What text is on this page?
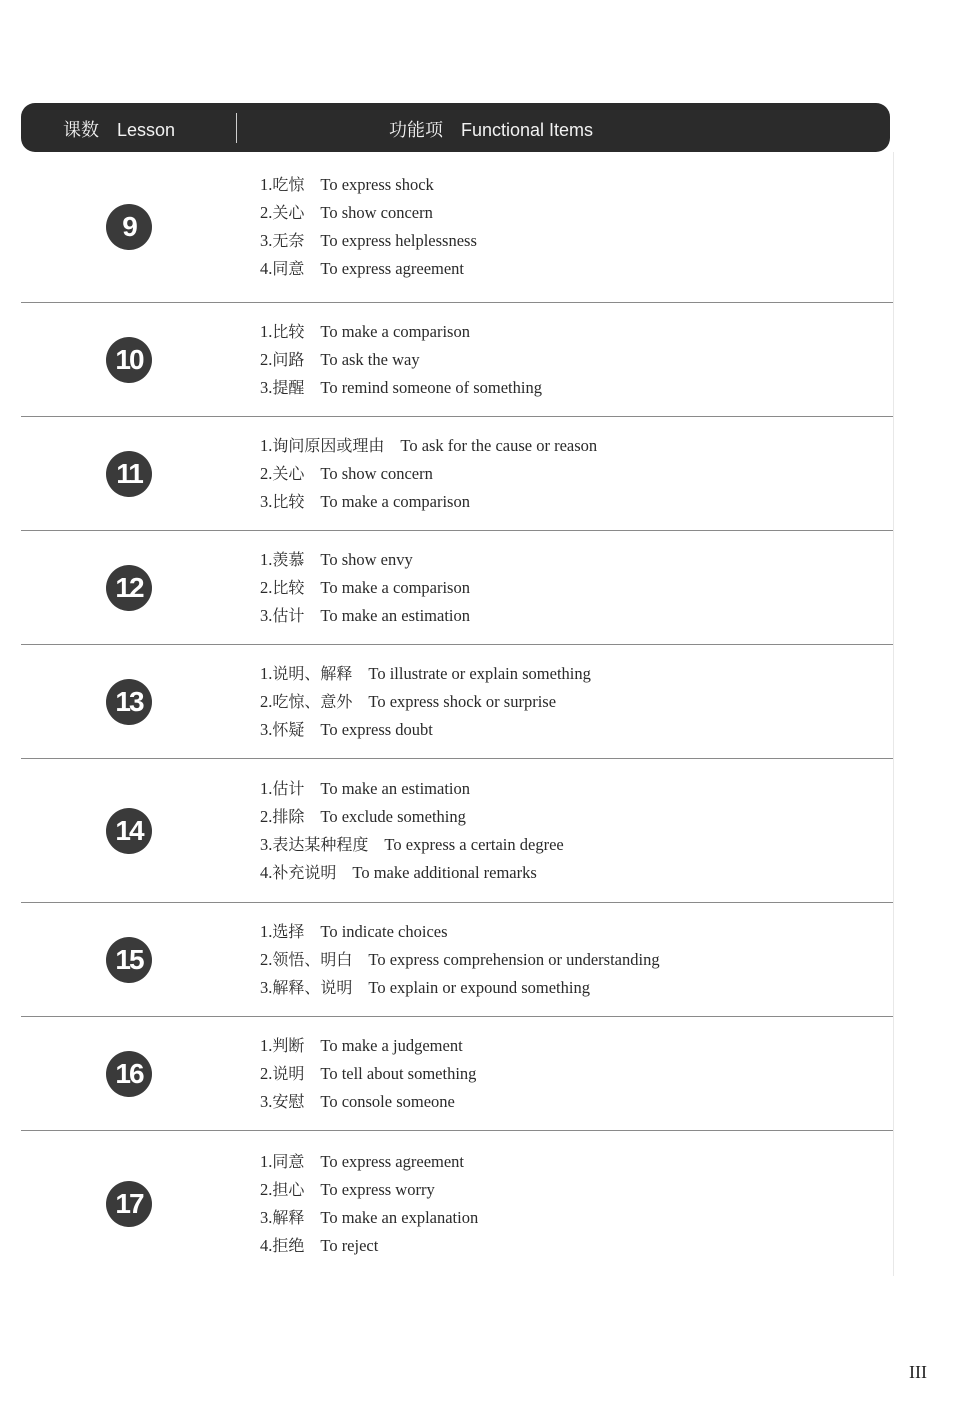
课数 Lesson	功能项 Functional Items
9
1.吃惊 To express shock
2.关心 To show concern
3.无奈 To express helplessness
4.同意 To express agreement
10
1.比较 To make a comparison
2.问路 To ask the way
3.提醒 To remind someone of something
11
1.询问原因或理由 To ask for the cause or reason
2.关心 To show concern
3.比较 To make a comparison
12
1.羡慕 To show envy
2.比较 To make a comparison
3.估计 To make an estimation
13
1.说明、解释 To illustrate or explain something
2.吃惊、意外 To express shock or surprise
3.怀疑 To express doubt
14
1.估计 To make an estimation
2.排除 To exclude something
3.表达某种程度 To express a certain degree
4.补充说明 To make additional remarks
15
1.选择 To indicate choices
2.领悟、明白 To express comprehension or understanding
3.解释、说明 To explain or expound something
16
1.判断 To make a judgement
2.说明 To tell about something
3.安慰 To console someone
17
1.同意 To express agreement
2.担心 To express worry
3.解释 To make an explanation
4.拒绝 To reject
III
